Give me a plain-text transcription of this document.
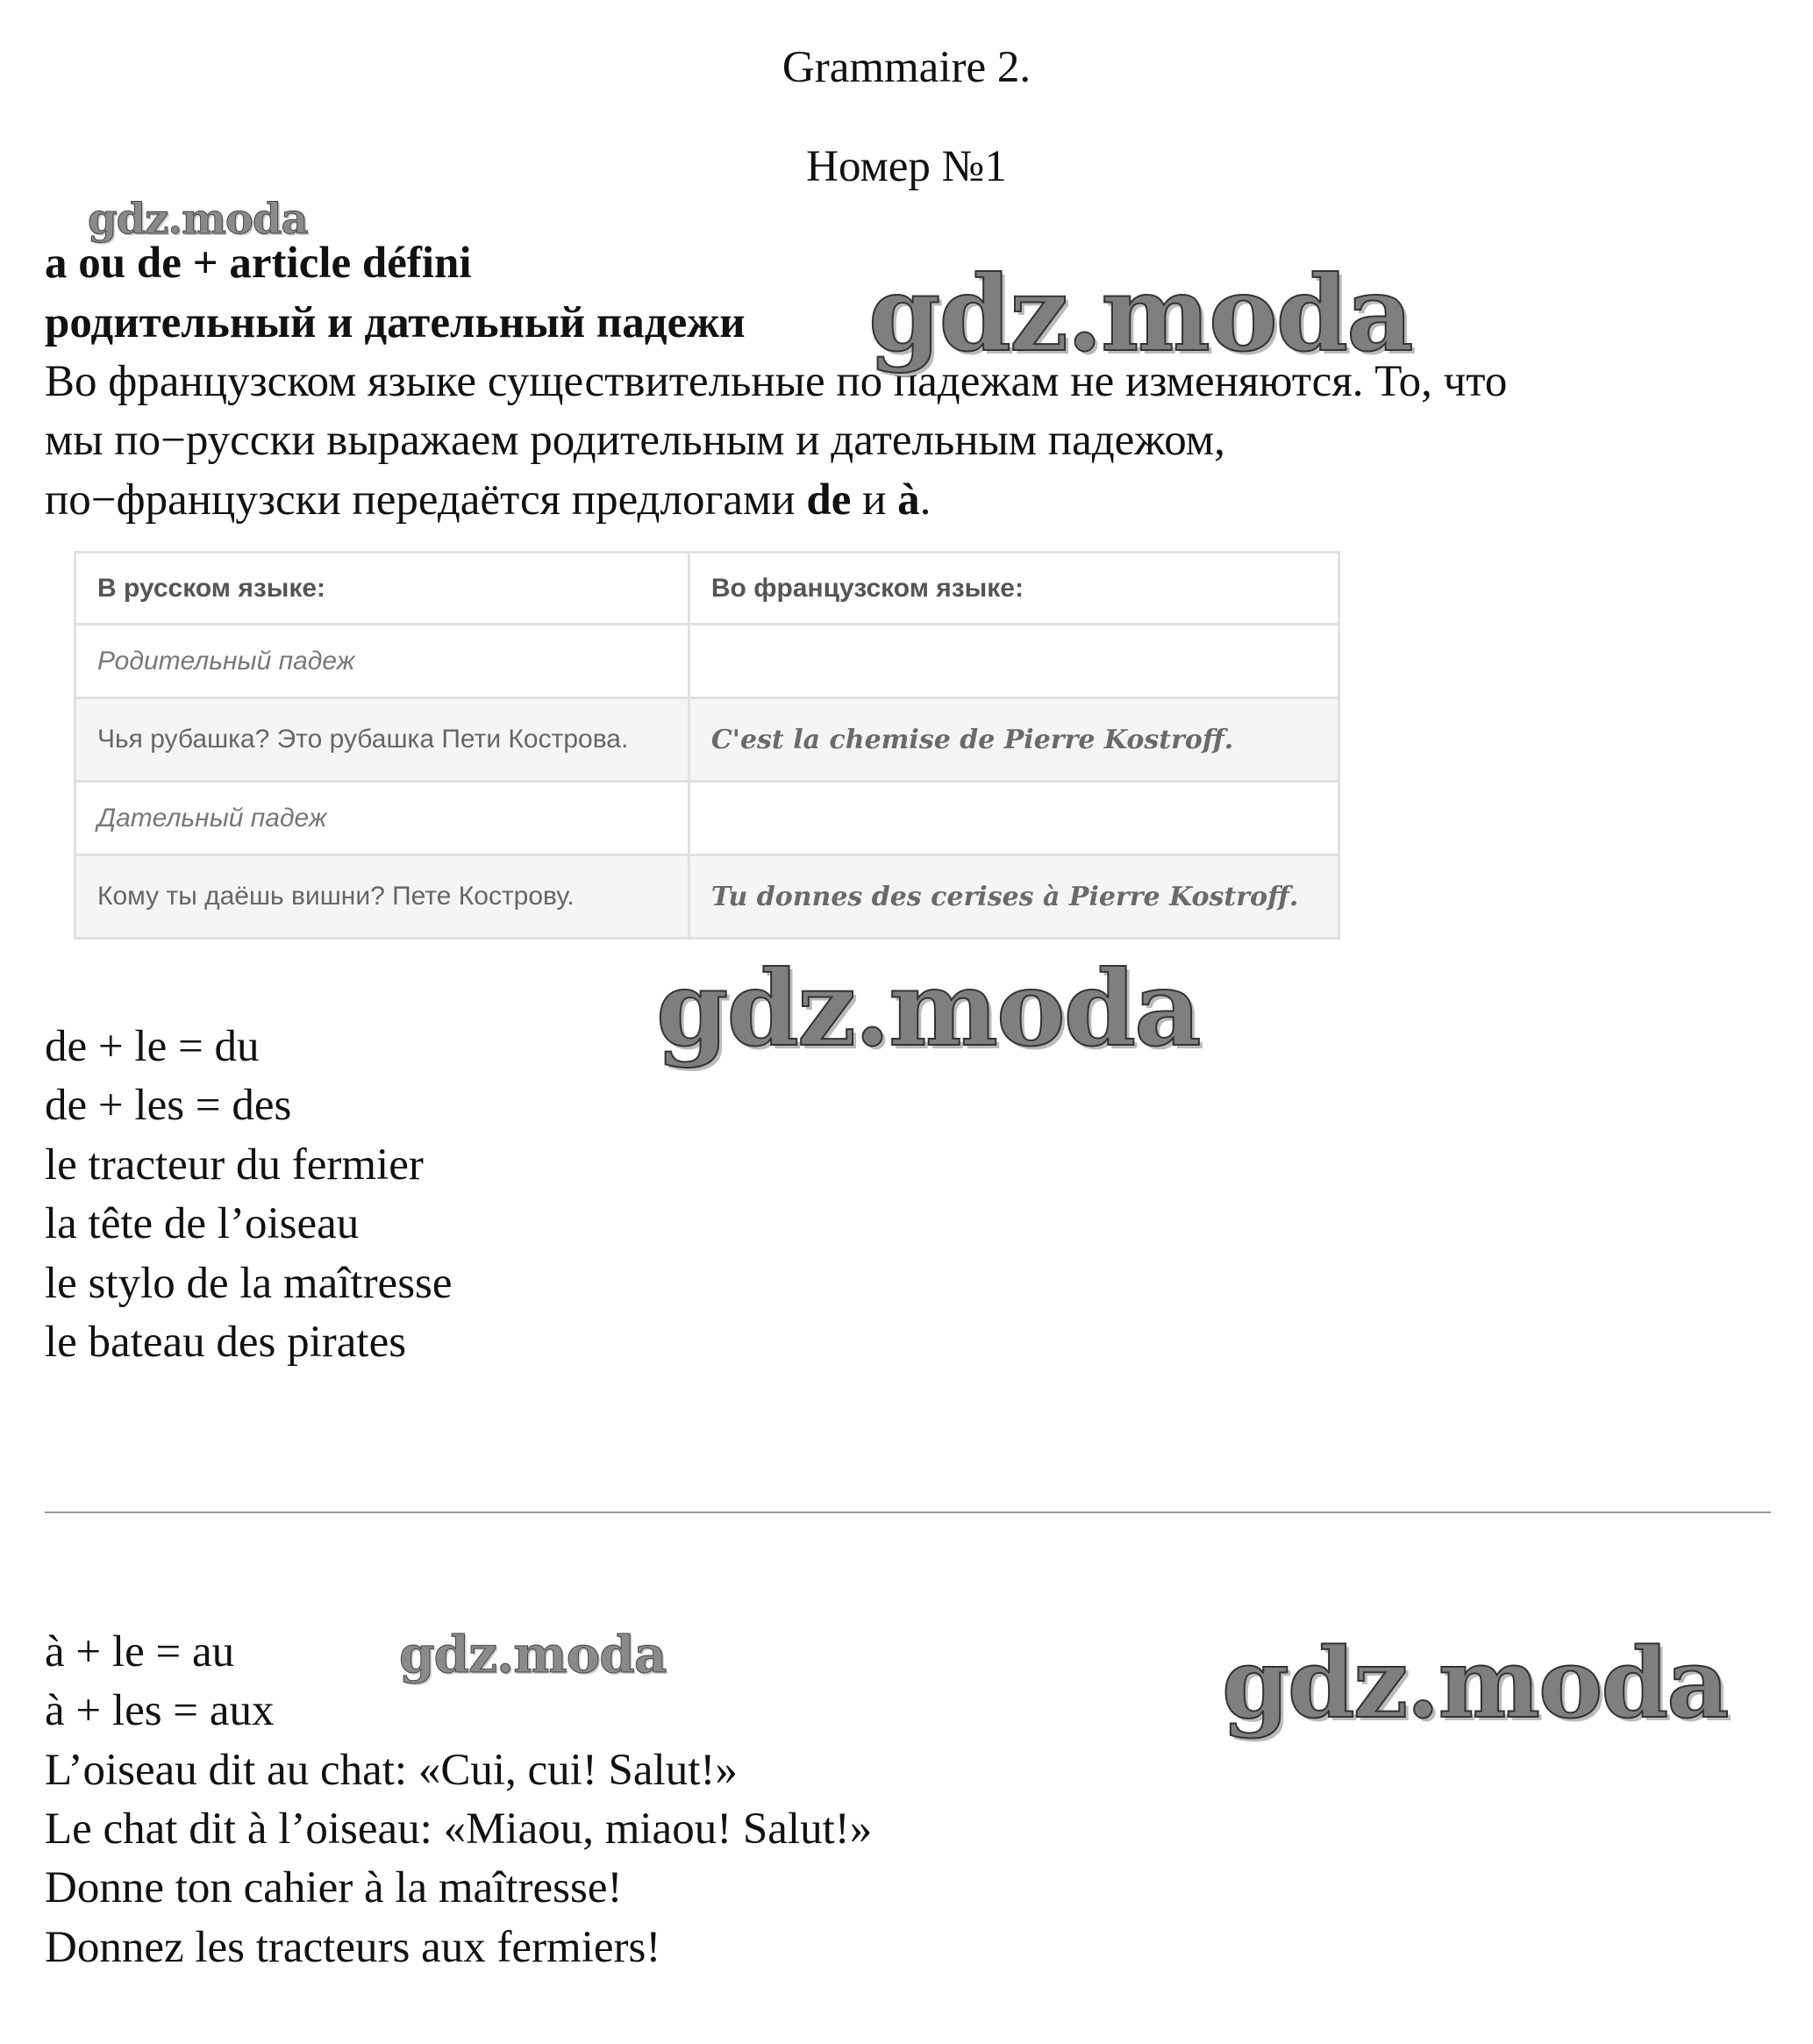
Grammaire 2.
Номер №1
a ou de + article défini
родительный и дательный падежи
Во французском языке существительные по падежам не изменяются. То, что
мы по−русски выражаем родительным и дательным падежом,
по−французски передаётся предлогами de и à.
В русском языке:	Во французском языке:
Родительный падеж	
Чья рубашка? Это рубашка Пети Кострова.	C'est la chemise de Pierre Kostroff.
Дательный падеж	
Кому ты даёшь вишни? Пете Кострову.	Tu donnes des cerises à Pierre Kostroff.
de + le = du
de + les = des
le tracteur du fermier
la tête de l’oiseau
le stylo de la maîtresse
le bateau des pirates
à + le = au
à + les = aux
L’oiseau dit au chat: «Cui, cui! Salut!»
Le chat dit à l’oiseau: «Miaou, miaou! Salut!»
Donne ton cahier à la maîtresse!
Donnez les tracteurs aux fermiers!
gdz.moda
gdz.moda
gdz.moda
gdz.moda	gdz.moda
